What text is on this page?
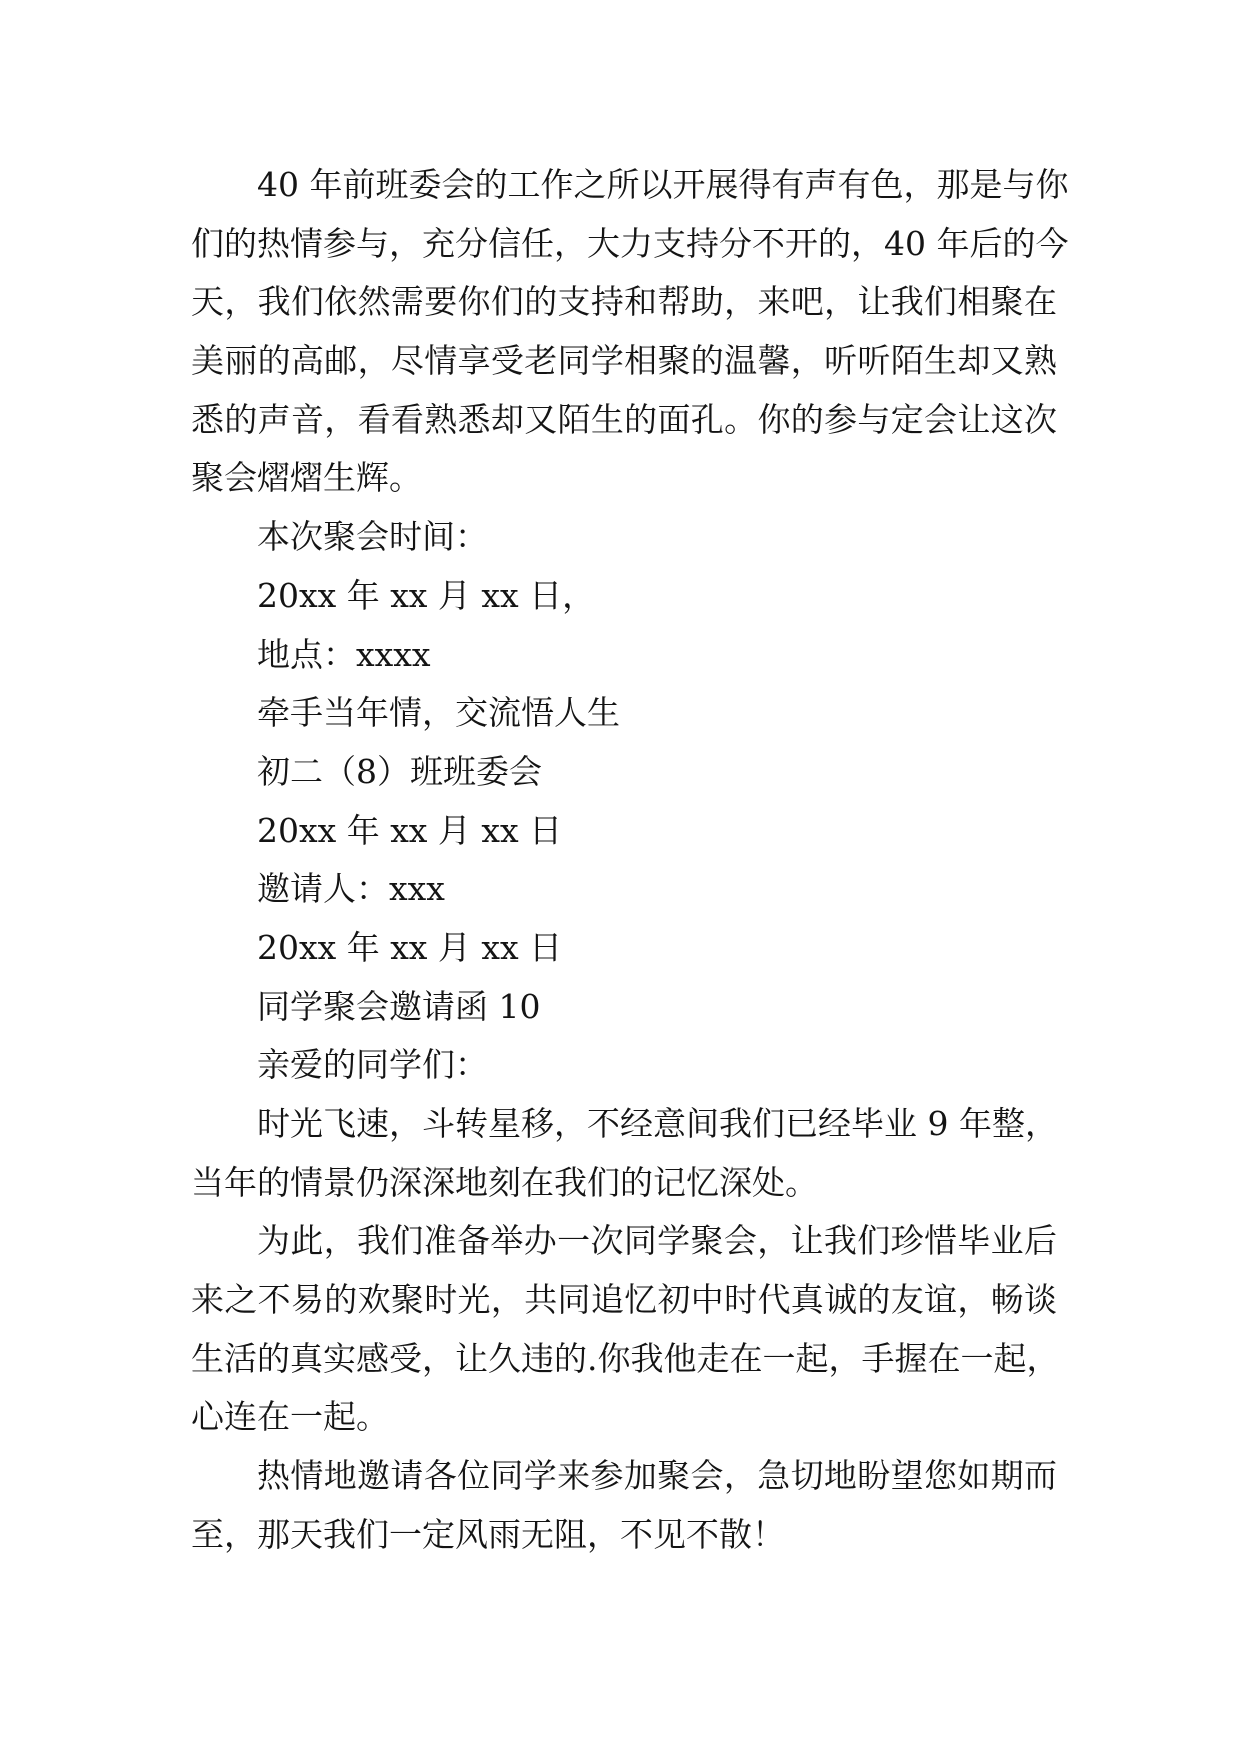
40 年前班委会的工作之所以开展得有声有色，那是与你
们的热情参与，充分信任，大力支持分不开的，40 年后的今
天，我们依然需要你们的支持和帮助，来吧，让我们相聚在
美丽的高邮，尽情享受老同学相聚的温馨，听听陌生却又熟
悉的声音，看看熟悉却又陌生的面孔。你的参与定会让这次
聚会熠熠生辉。
本次聚会时间：
20xx 年 xx 月 xx 日，
地点：xxxx
牵手当年情，交流悟人生
初二（8）班班委会
20xx 年 xx 月 xx 日
邀请人：xxx
20xx 年 xx 月 xx 日
同学聚会邀请函 10
亲爱的同学们：
时光飞速，斗转星移，不经意间我们已经毕业 9 年整，
当年的情景仍深深地刻在我们的记忆深处。
为此，我们准备举办一次同学聚会，让我们珍惜毕业后
来之不易的欢聚时光，共同追忆初中时代真诚的友谊，畅谈
生活的真实感受，让久违的.你我他走在一起，手握在一起，
心连在一起。
热情地邀请各位同学来参加聚会，急切地盼望您如期而
至，那天我们一定风雨无阻，不见不散！
